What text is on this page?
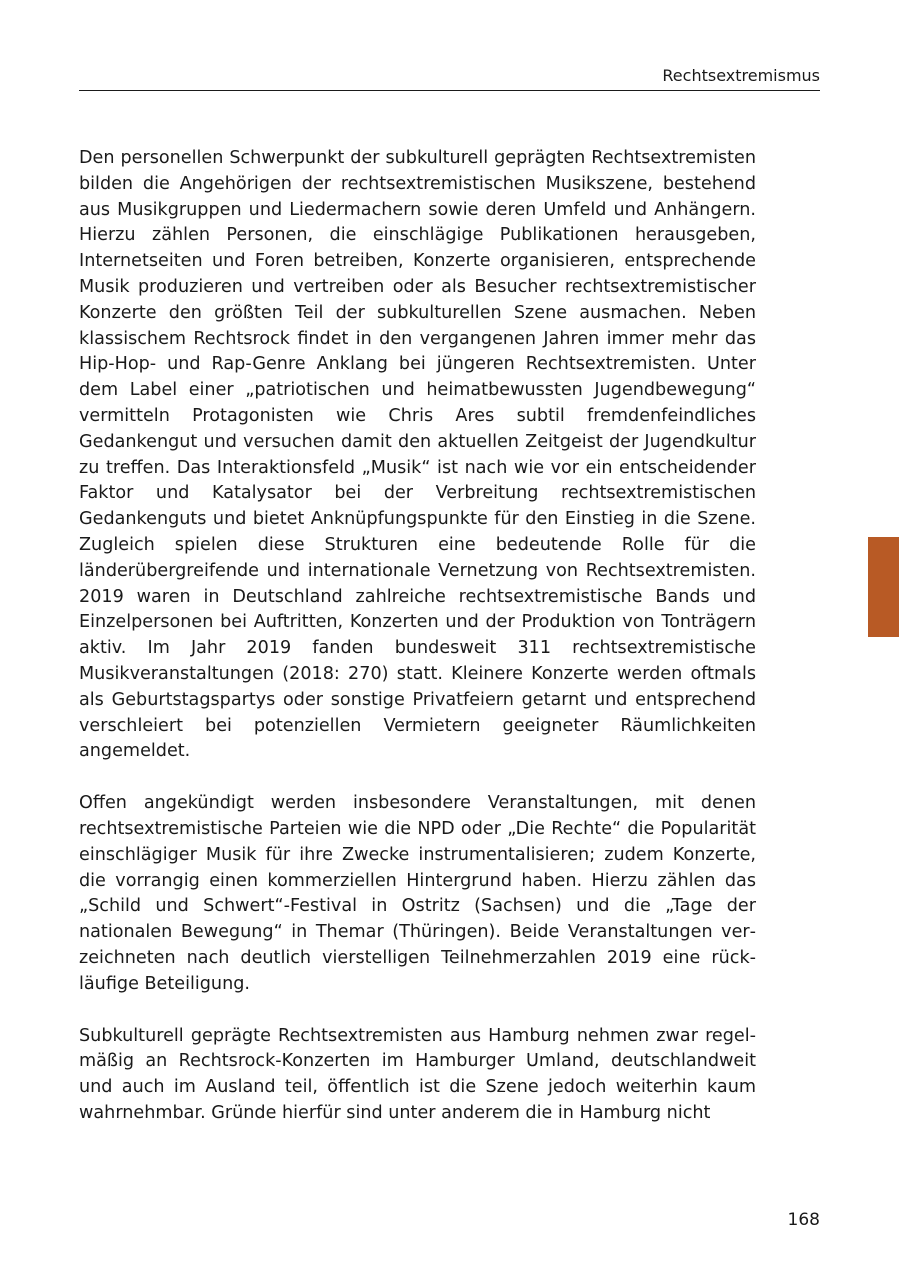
Rechtsextremismus

Den personellen Schwerpunkt der subkulturell geprägten Rechtsextremisten bilden die Angehörigen der rechtsextremistischen Musikszene, bestehend aus Musikgruppen und Liedermachern sowie deren Umfeld und Anhängern. Hierzu zählen Personen, die einschlägige Publikationen herausgeben, Internetseiten und Foren betreiben, Konzerte organisieren, entsprechende Musik produzieren und vertreiben oder als Besucher rechtsextremistischer Konzerte den größten Teil der subkulturellen Szene ausmachen. Neben klassischem Rechtsrock findet in den vergangenen Jahren immer mehr das Hip-Hop- und Rap-Genre Anklang bei jüngeren Rechtsextremisten. Unter dem Label einer „patriotischen und heimatbewussten Jugendbewegung“ vermitteln Protagonisten wie Chris Ares subtil fremdenfeindliches Gedankengut und versuchen damit den aktuellen Zeitgeist der Jugendkultur zu treffen. Das Interaktionsfeld „Musik“ ist nach wie vor ein entscheidender Faktor und Katalysator bei der Verbreitung rechtsextremistischen Gedankenguts und bietet Anknüpfungspunkte für den Einstieg in die Szene. Zugleich spielen diese Strukturen eine bedeutende Rolle für die länderübergreifende und internationale Vernetzung von Rechtsextremisten. 2019 waren in Deutschland zahlreiche rechtsextremistische Bands und Einzelpersonen bei Auftritten, Konzerten und der Produktion von Tonträgern aktiv. Im Jahr 2019 fanden bundesweit 311 rechtsextremistische Musikveranstaltungen (2018: 270) statt. Kleinere Konzerte werden oftmals als Geburtstagspartys oder sonstige Privatfeiern getarnt und entsprechend verschleiert bei potenziellen Vermietern geeigneter Räumlichkeiten angemeldet.

Offen angekündigt werden insbesondere Veranstaltungen, mit denen rechtsextremistische Parteien wie die NPD oder „Die Rechte“ die Popularität einschlägiger Musik für ihre Zwecke instrumentalisieren; zudem Konzerte, die vorrangig einen kommerziellen Hintergrund haben. Hierzu zählen das „Schild und Schwert“-Festival in Ostritz (Sachsen) und die „Tage der nationalen Bewegung“ in Themar (Thüringen). Beide Veranstaltungen verzeichneten nach deutlich vierstelligen Teilnehmerzahlen 2019 eine rückläufige Beteiligung.

Subkulturell geprägte Rechtsextremisten aus Hamburg nehmen zwar regelmäßig an Rechtsrock-Konzerten im Hamburger Umland, deutschlandweit und auch im Ausland teil, öffentlich ist die Szene jedoch weiterhin kaum wahrnehmbar. Gründe hierfür sind unter anderem die in Hamburg nicht

168
